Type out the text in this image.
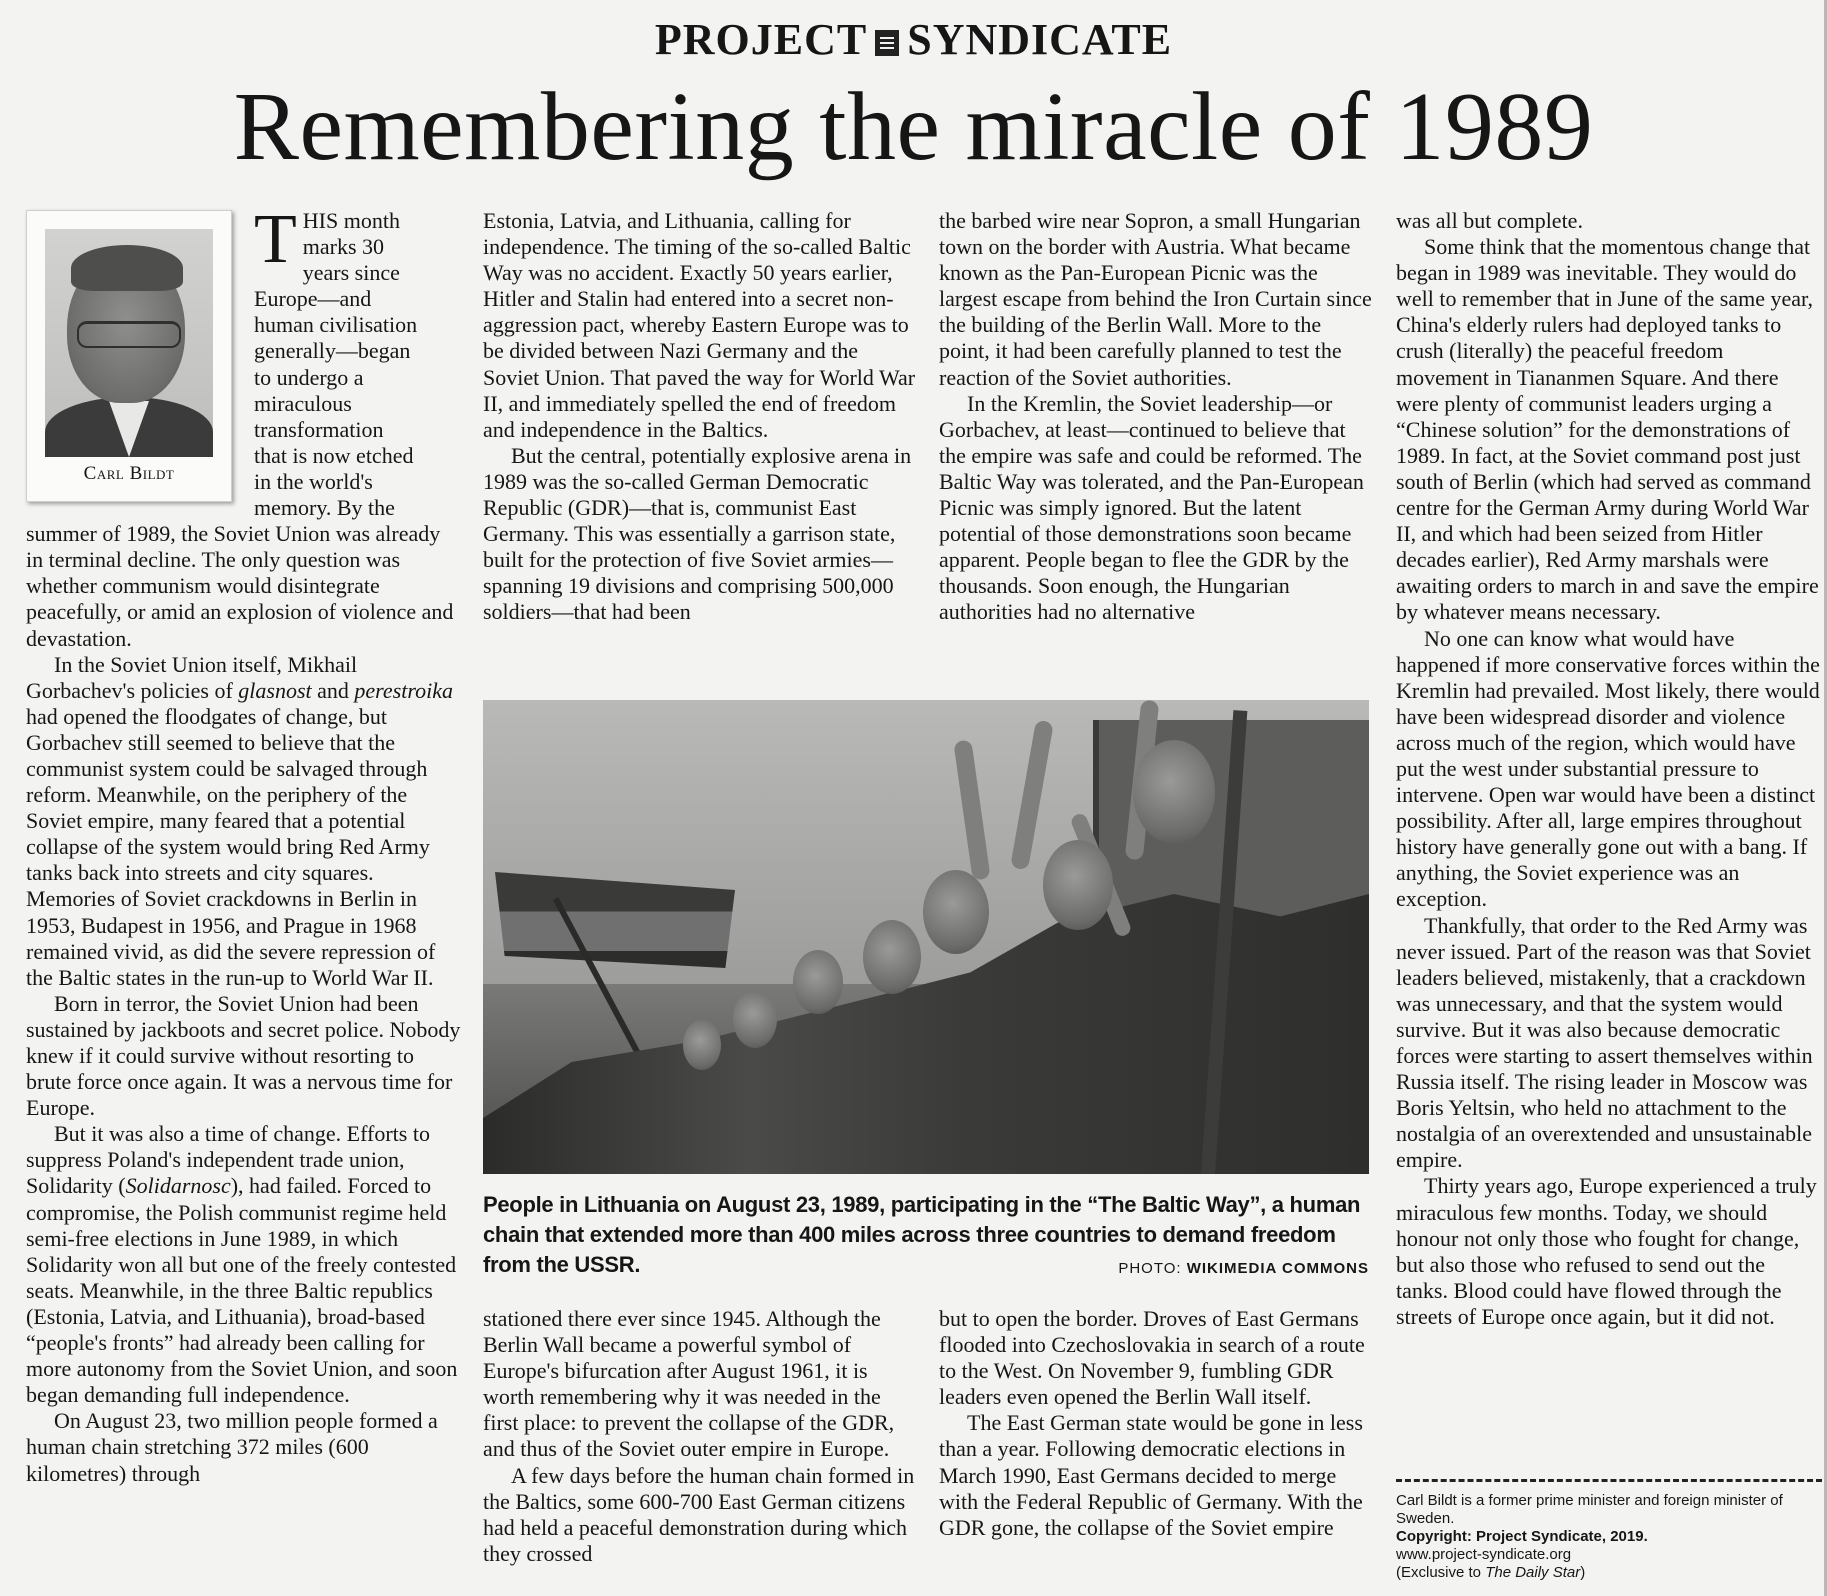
PROJECT SYNDICATE
Remembering the miracle of 1989
Carl Bildt

THIS month
marks 30
years since
Europe—and
human civilisation
generally—began
to undergo a
miraculous
transformation
that is now etched
in the world's
memory. By the summer of 1989, the Soviet Union was already in terminal decline. The only question was whether communism would disintegrate peacefully, or amid an explosion of violence and devastation.

In the Soviet Union itself, Mikhail Gorbachev's policies of glasnost and perestroika had opened the floodgates of change, but Gorbachev still seemed to believe that the communist system could be salvaged through reform. Meanwhile, on the periphery of the Soviet empire, many feared that a potential collapse of the system would bring Red Army tanks back into streets and city squares. Memories of Soviet crackdowns in Berlin in 1953, Budapest in 1956, and Prague in 1968 remained vivid, as did the severe repression of the Baltic states in the run-up to World War II.

Born in terror, the Soviet Union had been sustained by jackboots and secret police. Nobody knew if it could survive without resorting to brute force once again. It was a nervous time for Europe.

But it was also a time of change. Efforts to suppress Poland's independent trade union, Solidarity (Solidarnosc), had failed. Forced to compromise, the Polish communist regime held semi-free elections in June 1989, in which Solidarity won all but one of the freely contested seats. Meanwhile, in the three Baltic republics (Estonia, Latvia, and Lithuania), broad-based “people's fronts” had already been calling for more autonomy from the Soviet Union, and soon began demanding full independence.

On August 23, two million people formed a human chain stretching 372 miles (600 kilometres) through

Estonia, Latvia, and Lithuania, calling for independence. The timing of the so-called Baltic Way was no accident. Exactly 50 years earlier, Hitler and Stalin had entered into a secret non-aggression pact, whereby Eastern Europe was to be divided between Nazi Germany and the Soviet Union. That paved the way for World War II, and immediately spelled the end of freedom and independence in the Baltics.

But the central, potentially explosive arena in 1989 was the so-called German Democratic Republic (GDR)—that is, communist East Germany. This was essentially a garrison state, built for the protection of five Soviet armies—spanning 19 divisions and comprising 500,000 soldiers—that had been

the barbed wire near Sopron, a small Hungarian town on the border with Austria. What became known as the Pan-European Picnic was the largest escape from behind the Iron Curtain since the building of the Berlin Wall. More to the point, it had been carefully planned to test the reaction of the Soviet authorities.

In the Kremlin, the Soviet leadership—or Gorbachev, at least—continued to believe that the empire was safe and could be reformed. The Baltic Way was tolerated, and the Pan-European Picnic was simply ignored. But the latent potential of those demonstrations soon became apparent. People began to flee the GDR by the thousands. Soon enough, the Hungarian authorities had no alternative

was all but complete.

Some think that the momentous change that began in 1989 was inevitable. They would do well to remember that in June of the same year, China's elderly rulers had deployed tanks to crush (literally) the peaceful freedom movement in Tiananmen Square. And there were plenty of communist leaders urging a “Chinese solution” for the demonstrations of 1989. In fact, at the Soviet command post just south of Berlin (which had served as command centre for the German Army during World War II, and which had been seized from Hitler decades earlier), Red Army marshals were awaiting orders to march in and save the empire by whatever means necessary.

No one can know what would have happened if more conservative forces within the Kremlin had prevailed. Most likely, there would have been widespread disorder and violence across much of the region, which would have put the west under substantial pressure to intervene. Open war would have been a distinct possibility. After all, large empires throughout history have generally gone out with a bang. If anything, the Soviet experience was an exception.

Thankfully, that order to the Red Army was never issued. Part of the reason was that Soviet leaders believed, mistakenly, that a crackdown was unnecessary, and that the system would survive. But it was also because democratic forces were starting to assert themselves within Russia itself. The rising leader in Moscow was Boris Yeltsin, who held no attachment to the nostalgia of an overextended and unsustainable empire.

Thirty years ago, Europe experienced a truly miraculous few months. Today, we should honour not only those who fought for change, but also those who refused to send out the tanks. Blood could have flowed through the streets of Europe once again, but it did not.

People in Lithuania on August 23, 1989, participating in the “The Baltic Way”, a human chain that extended more than 400 miles across three countries to demand freedom from the USSR.	PHOTO: WIKIMEDIA COMMONS

stationed there ever since 1945. Although the Berlin Wall became a powerful symbol of Europe's bifurcation after August 1961, it is worth remembering why it was needed in the first place: to prevent the collapse of the GDR, and thus of the Soviet outer empire in Europe.

A few days before the human chain formed in the Baltics, some 600-700 East German citizens had held a peaceful demonstration during which they crossed

but to open the border. Droves of East Germans flooded into Czechoslovakia in search of a route to the West. On November 9, fumbling GDR leaders even opened the Berlin Wall itself.

The East German state would be gone in less than a year. Following democratic elections in March 1990, East Germans decided to merge with the Federal Republic of Germany. With the GDR gone, the collapse of the Soviet empire

Carl Bildt is a former prime minister and foreign minister of Sweden.
Copyright: Project Syndicate, 2019.
www.project-syndicate.org
(Exclusive to The Daily Star)
